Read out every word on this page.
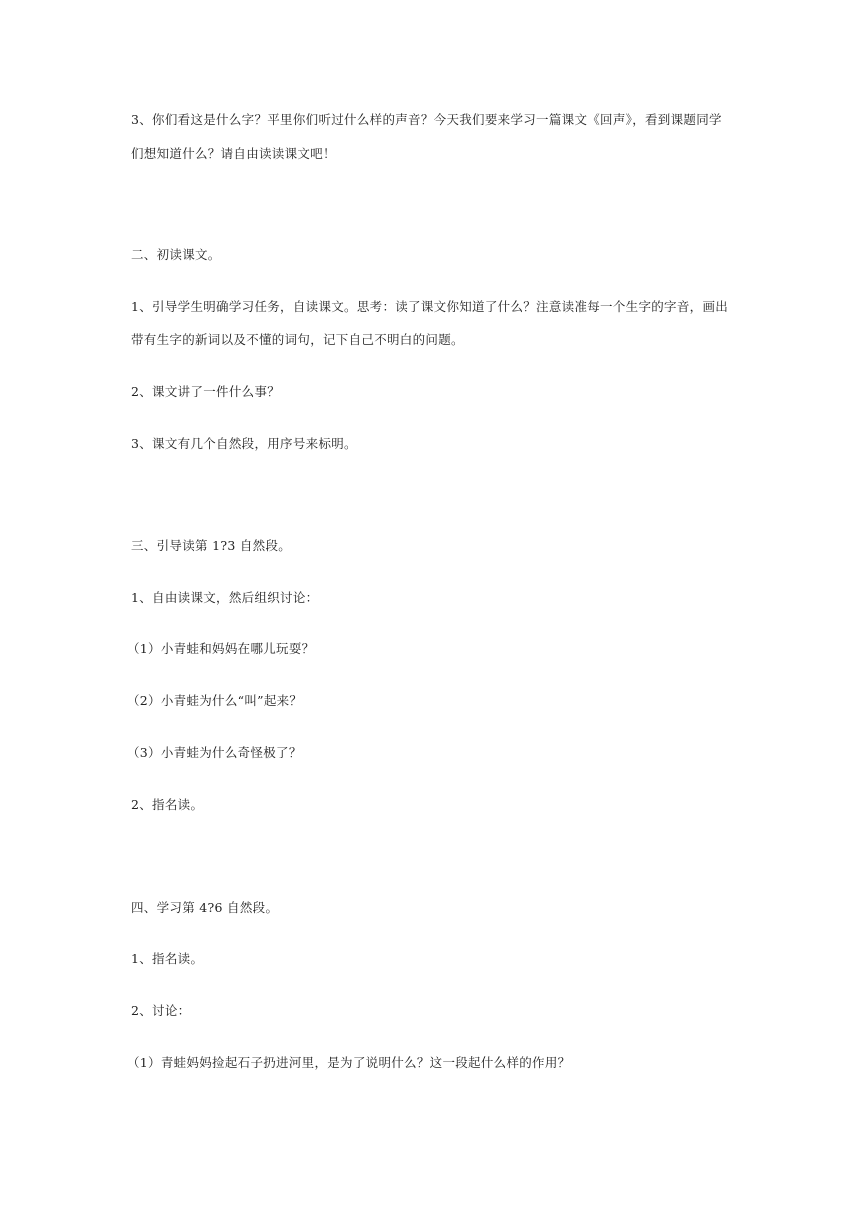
3、你们看这是什么字？平里你们听过什么样的声音？今天我们要来学习一篇课文《回声》，看到课题同学
们想知道什么？请自由读读课文吧！
二、初读课文。
1、引导学生明确学习任务，自读课文。思考：读了课文你知道了什么？注意读准每一个生字的字音，画出
带有生字的新词以及不懂的词句，记下自己不明白的问题。
2、课文讲了一件什么事？
3、课文有几个自然段，用序号来标明。
三、引导读第 1?3 自然段。
1、自由读课文，然后组织讨论：
（1）小青蛙和妈妈在哪儿玩耍？
（2）小青蛙为什么“叫”起来？
（3）小青蛙为什么奇怪极了？
2、指名读。
四、学习第 4?6 自然段。
1、指名读。
2、讨论：
（1）青蛙妈妈捡起石子扔进河里，是为了说明什么？这一段起什么样的作用？
